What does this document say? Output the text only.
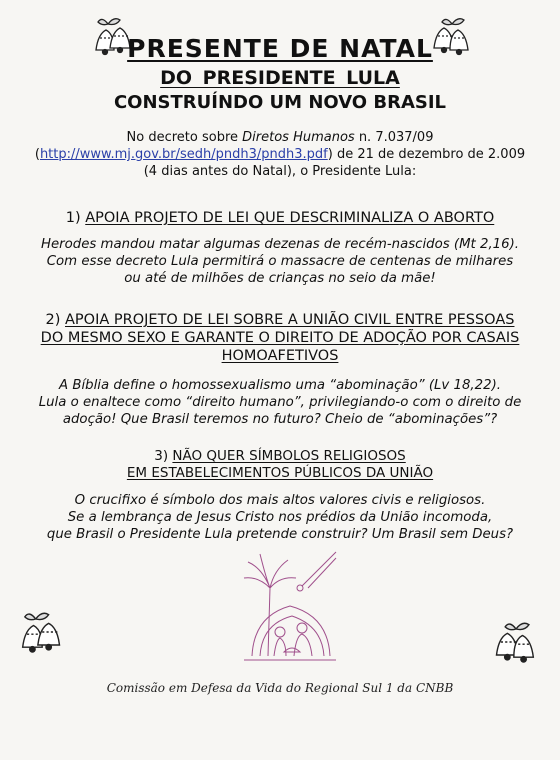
PRESENTE DE NATAL
DO PRESIDENTE LULA
CONSTRUÍNDO UM NOVO BRASIL
No decreto sobre Diretos Humanos n. 7.037/09
(http://www.mj.gov.br/sedh/pndh3/pndh3.pdf) de 21 de dezembro de 2.009
(4 dias antes do Natal), o Presidente Lula:
1) APOIA PROJETO DE LEI QUE DESCRIMINALIZA O ABORTO
Herodes mandou matar algumas dezenas de recém-nascidos (Mt 2,16).
Com esse decreto Lula permitirá o massacre de centenas de milhares
ou até de milhões de crianças no seio da mãe!
2) APOIA PROJETO DE LEI SOBRE A UNIÃO CIVIL ENTRE PESSOAS
DO MESMO SEXO E GARANTE O DIREITO DE ADOÇÃO POR CASAIS
HOMOAFETIVOS
A Bíblia define o homossexualismo uma “abominação” (Lv 18,22).
Lula o enaltece como “direito humano”, privilegiando-o com o direito de
adoção! Que Brasil teremos no futuro? Cheio de “abominações”?
3) NÃO QUER SÍMBOLOS RELIGIOSOS
EM ESTABELECIMENTOS PÚBLICOS DA UNIÃO
O crucifixo é símbolo dos mais altos valores civis e religiosos.
Se a lembrança de Jesus Cristo nos prédios da União incomoda,
que Brasil o Presidente Lula pretende construir? Um Brasil sem Deus?
Comissão em Defesa da Vida do Regional Sul 1 da CNBB
